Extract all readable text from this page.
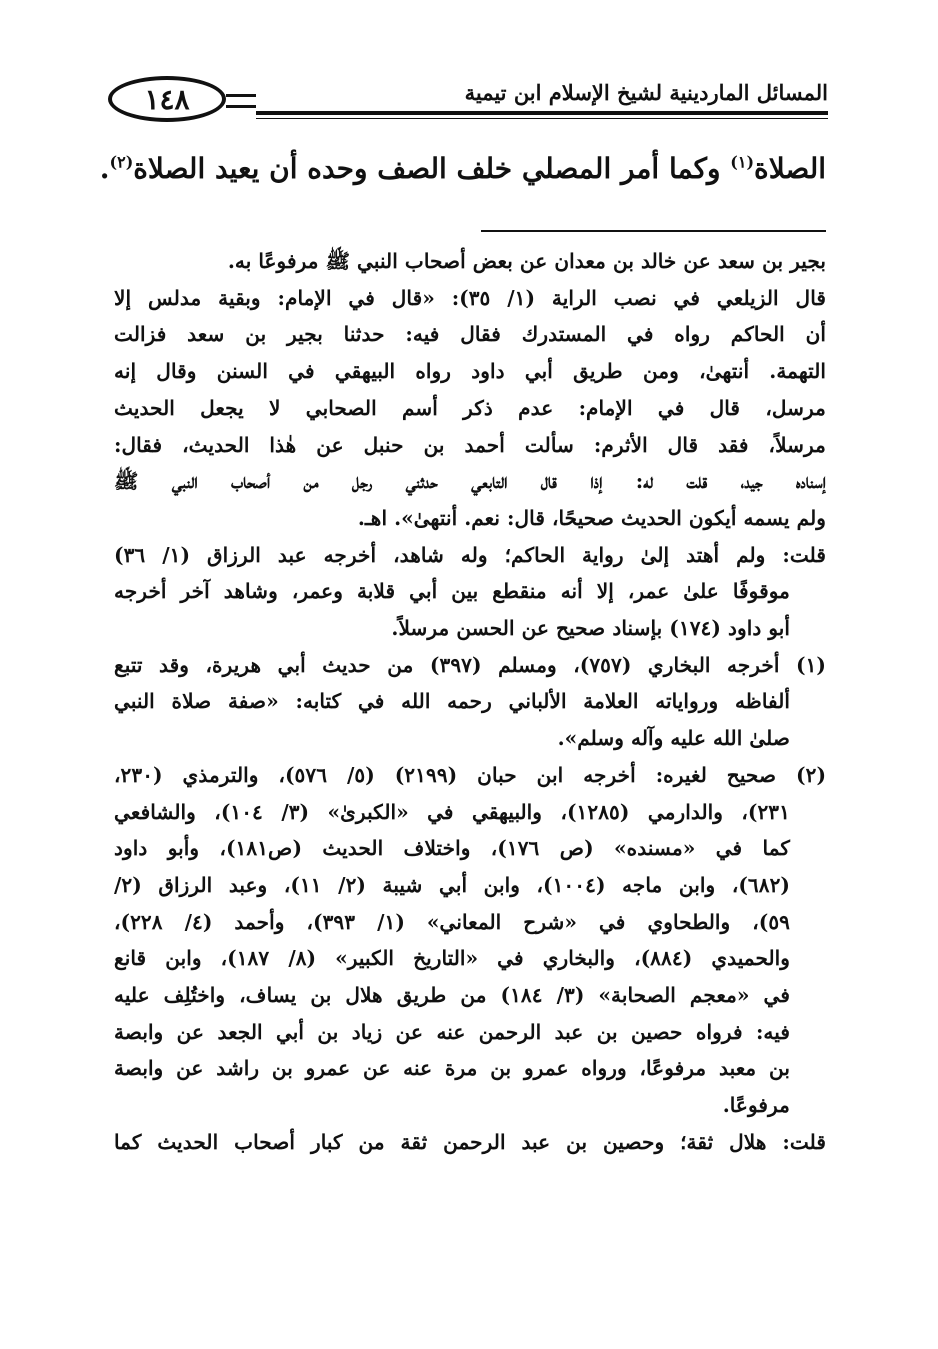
١٤٨	المسائل الماردينية لشيخ الإسلام ابن تيمية
الصلاة$^{(١)}$ وكما أمر المصلي خلف الصف وحده أن يعيد الصلاة$^{(٢)}$.
بجير بن سعد عن خالد بن معدان عن بعض أصحاب النبي ﷺ مرفوعًا به.
قال الزيلعي في نصب الراية (١/ ٣٥): «قال في الإمام: وبقية مدلس إلا
أن الحاكم رواه في المستدرك فقال فيه: حدثنا بجير بن سعد فزالت
التهمة. أنتهىٰ، ومن طريق أبي داود رواه البيهقي في السنن وقال إنه
مرسل، قال في الإمام: عدم ذكر أسم الصحابي لا يجعل الحديث
مرسلاً، فقد قال الأثرم: سألت أحمد بن حنبل عن هٰذا الحديث، فقال:
إسناده جيد، قلت له: إذا قال التابعي حدثني رجل من أصحاب النبي ﷺ
ولم يسمه أيكون الحديث صحيحًا، قال: نعم. أنتهىٰ». اهـ.
قلت: ولم أهتد إلىٰ رواية الحاكم؛ وله شاهد، أخرجه عبد الرزاق (١/ ٣٦)
موقوفًا علىٰ عمر، إلا أنه منقطع بين أبي قلابة وعمر، وشاهد آخر أخرجه
أبو داود (١٧٤) بإسناد صحيح عن الحسن مرسلاً.
(١) أخرجه البخاري (٧٥٧)، ومسلم (٣٩٧) من حديث أبي هريرة، وقد تتبع
ألفاظه ورواياته العلامة الألباني رحمه الله في كتابه: «صفة صلاة النبي
صلىٰ الله عليه وآله وسلم».
(٢) صحيح لغيره: أخرجه ابن حبان (٢١٩٩) (٥/ ٥٧٦)، والترمذي (٢٣٠،
٢٣١)، والدارمي (١٢٨٥)، والبيهقي في «الكبرىٰ» (٣/ ١٠٤)، والشافعي
كما في «مسنده» (ص ١٧٦)، واختلاف الحديث (ص١٨١)، وأبو داود
(٦٨٢)، وابن ماجه (١٠٠٤)، وابن أبي شيبة (٢/ ١١)، وعبد الرزاق (٢/
٥٩)، والطحاوي في «شرح المعاني» (١/ ٣٩٣)، وأحمد (٤/ ٢٢٨)،
والحميدي (٨٨٤)، والبخاري في «التاريخ الكبير» (٨/ ١٨٧)، وابن قانع
في «معجم الصحابة» (٣/ ١٨٤) من طريق هلال بن يساف، واختُلِف عليه
فيه: فرواه حصين بن عبد الرحمن عنه عن زياد بن أبي الجعد عن وابصة
بن معبد مرفوعًا، ورواه عمرو بن مرة عنه عن عمرو بن راشد عن وابصة
مرفوعًا.
قلت: هلال ثقة؛ وحصين بن عبد الرحمن ثقة من كبار أصحاب الحديث كما
